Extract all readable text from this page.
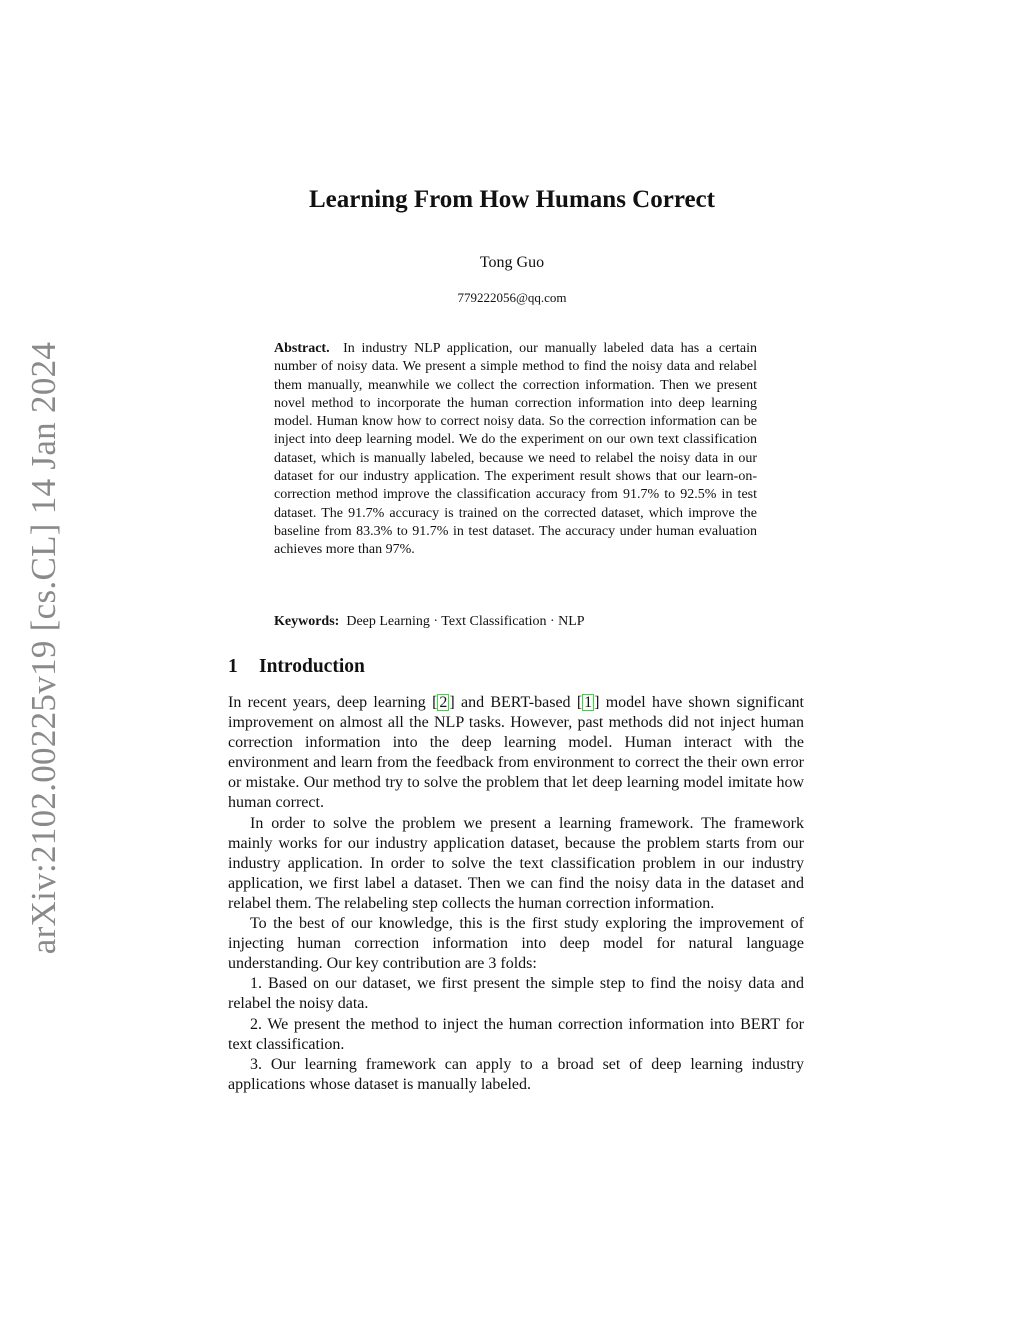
arXiv:2102.00225v19 [cs.CL] 14 Jan 2024
Learning From How Humans Correct
Tong Guo
779222056@qq.com

Abstract. In industry NLP application, our manually labeled data has a certain number of noisy data. We present a simple method to find the noisy data and relabel them manually, meanwhile we collect the correction information. Then we present novel method to incorporate the human correction information into deep learning model. Human know how to correct noisy data. So the correction information can be inject into deep learning model. We do the experiment on our own text classification dataset, which is manually labeled, because we need to relabel the noisy data in our dataset for our industry application. The experiment result shows that our learn-on-correction method improve the classification accuracy from 91.7% to 92.5% in test dataset. The 91.7% accuracy is trained on the corrected dataset, which improve the baseline from 83.3% to 91.7% in test dataset. The accuracy under human evaluation achieves more than 97%.

Keywords: Deep Learning · Text Classification · NLP

1 Introduction

In recent years, deep learning [ 2 ] and BERT-based [ 1 ] model have shown significant improvement on almost all the NLP tasks. However, past methods did not inject human correction information into the deep learning model. Human interact with the environment and learn from the feedback from environment to correct the their own error or mistake. Our method try to solve the problem that let deep learning model imitate how human correct.

In order to solve the problem we present a learning framework. The framework mainly works for our industry application dataset, because the problem starts from our industry application. In order to solve the text classification problem in our industry application, we first label a dataset. Then we can find the noisy data in the dataset and relabel them. The relabeling step collects the human correction information.

To the best of our knowledge, this is the first study exploring the improvement of injecting human correction information into deep model for natural language understanding. Our key contribution are 3 folds:

1. Based on our dataset, we first present the simple step to find the noisy data and relabel the noisy data.

2. We present the method to inject the human correction information into BERT for text classification.

3. Our learning framework can apply to a broad set of deep learning industry applications whose dataset is manually labeled.
